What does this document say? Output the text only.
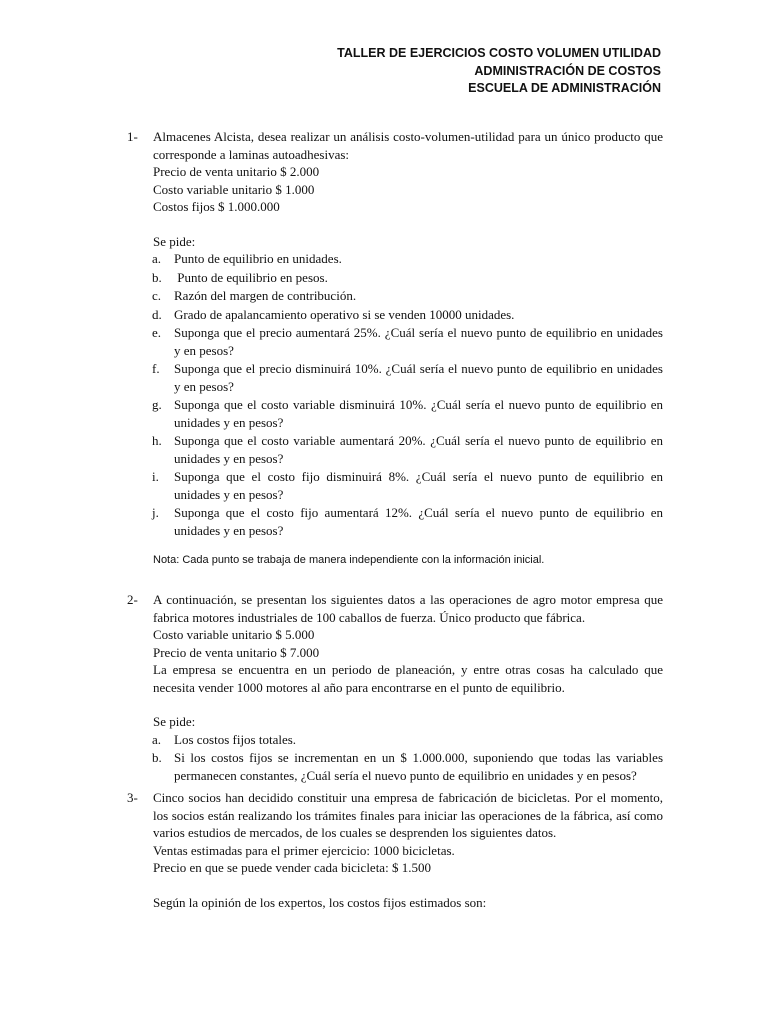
TALLER DE EJERCICIOS COSTO VOLUMEN UTILIDAD
ADMINISTRACIÓN DE COSTOS
ESCUELA DE ADMINISTRACIÓN
1-	Almacenes Alcista, desea realizar un análisis costo-volumen-utilidad para un único producto que corresponde a laminas autoadhesivas:
Precio de venta unitario $ 2.000
Costo variable unitario $ 1.000
Costos fijos $ 1.000.000
Se pide:
a. Punto de equilibrio en unidades.
b. Punto de equilibrio en pesos.
c. Razón del margen de contribución.
d. Grado de apalancamiento operativo si se venden 10000 unidades.
e. Suponga que el precio aumentará 25%. ¿Cuál sería el nuevo punto de equilibrio en unidades y en pesos?
f.	Suponga que el precio disminuirá 10%. ¿Cuál sería el nuevo punto de equilibrio en unidades y en pesos?
g. Suponga que el costo variable disminuirá 10%. ¿Cuál sería el nuevo punto de equilibrio en unidades y en pesos?
h. Suponga que el costo variable aumentará 20%. ¿Cuál sería el nuevo punto de equilibrio en unidades y en pesos?
i.	Suponga que el costo fijo disminuirá 8%. ¿Cuál sería el nuevo punto de equilibrio en unidades y en pesos?
j.	Suponga que el costo fijo aumentará 12%. ¿Cuál sería el nuevo punto de equilibrio en unidades y en pesos?
Nota: Cada punto se trabaja de manera independiente con la información inicial.
2-	A continuación, se presentan los siguientes datos a las operaciones de agro motor empresa que fabrica motores industriales de 100 caballos de fuerza. Único producto que fábrica.
Costo variable unitario $ 5.000
Precio de venta unitario $ 7.000
La empresa se encuentra en un periodo de planeación, y entre otras cosas ha calculado que necesita vender 1000 motores al año para encontrarse en el punto de equilibrio.
Se pide:
a. Los costos fijos totales.
b. Si los costos fijos se incrementan en un $ 1.000.000, suponiendo que todas las variables permanecen constantes, ¿Cuál sería el nuevo punto de equilibrio en unidades y en pesos?
3-	Cinco socios han decidido constituir una empresa de fabricación de bicicletas. Por el momento, los socios están realizando los trámites finales para iniciar las operaciones de la fábrica, así como varios estudios de mercados, de los cuales se desprenden los siguientes datos.
Ventas estimadas para el primer ejercicio: 1000 bicicletas.
Precio en que se puede vender cada bicicleta: $ 1.500
Según la opinión de los expertos, los costos fijos estimados son:
